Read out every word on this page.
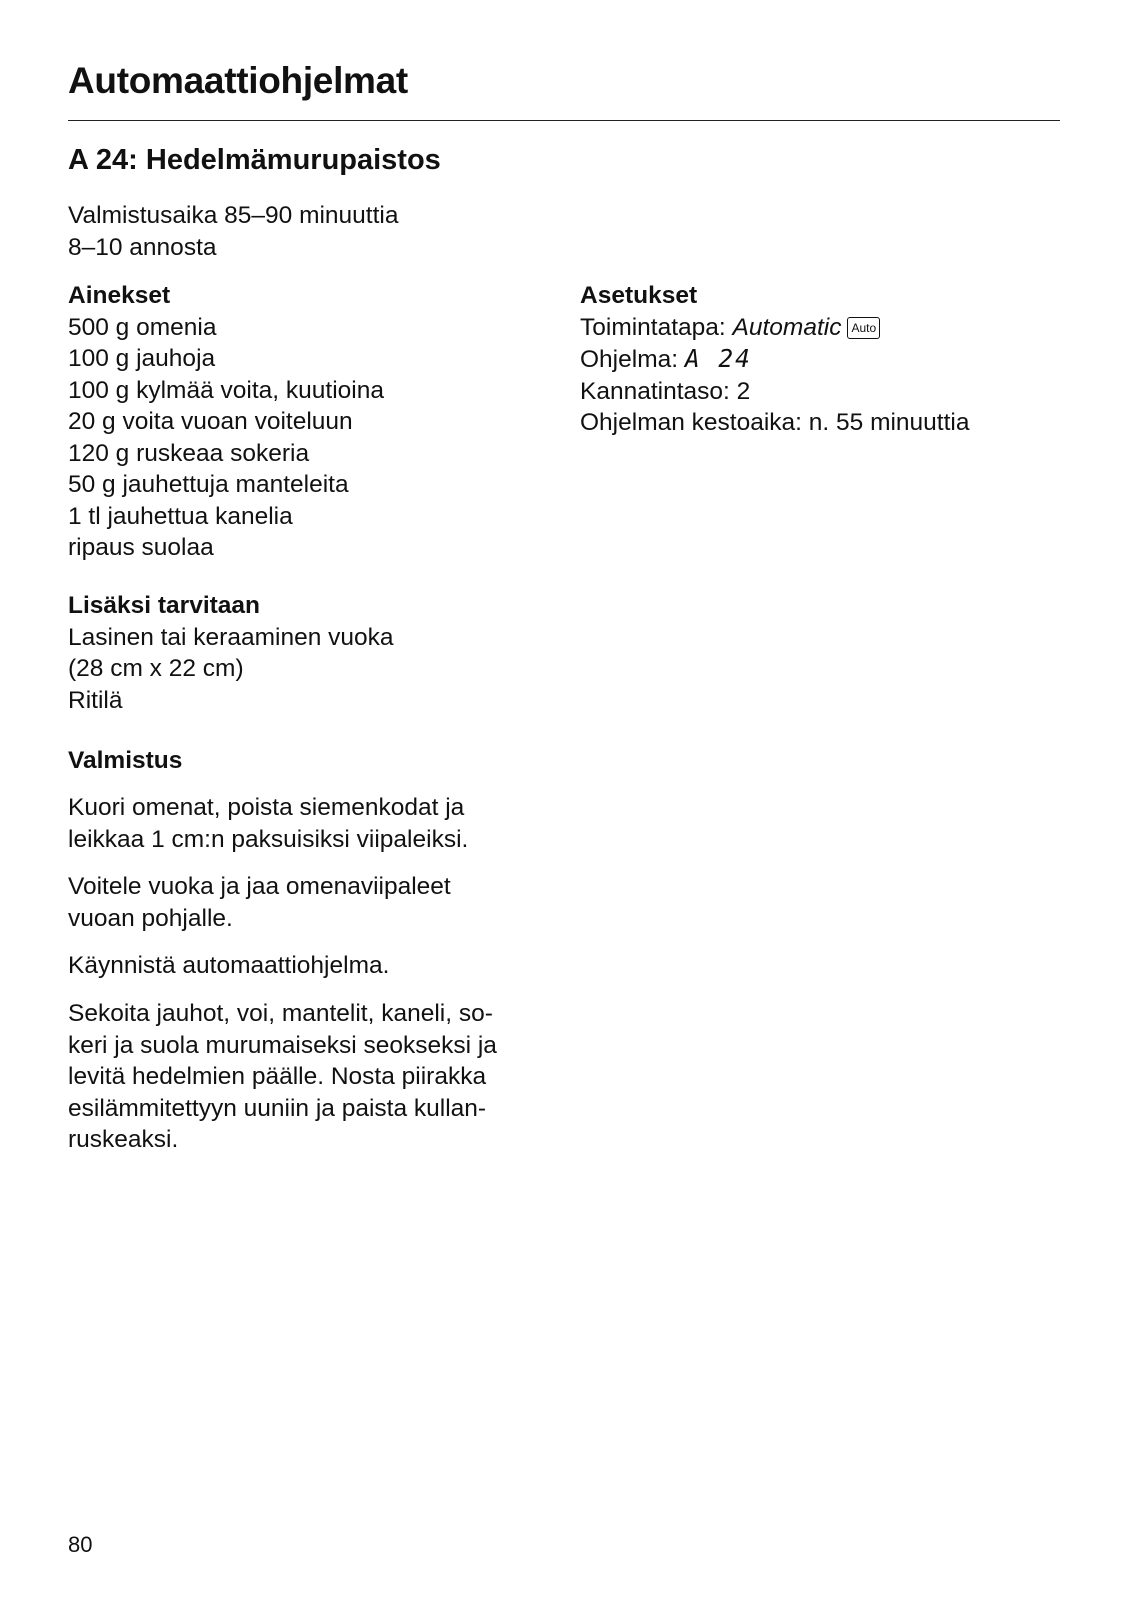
Automaattiohjelmat
A 24: Hedelmämurupaistos
Valmistusaika 85–90 minuuttia
8–10 annosta
Ainekset
500 g omenia
100 g jauhoja
100 g kylmää voita, kuutioina
20 g voita vuoan voiteluun
120 g ruskeaa sokeria
50 g jauhettuja manteleita
1 tl jauhettua kanelia
ripaus suolaa
Lisäksi tarvitaan
Lasinen tai keraaminen vuoka
(28 cm x 22 cm)
Ritilä
Asetukset
Toimintatapa: Automatic Auto
Ohjelma: A 24
Kannatintaso: 2
Ohjelman kestoaika: n. 55 minuuttia
Valmistus

Kuori omenat, poista siemenkodat ja
leikkaa 1 cm:n paksuisiksi viipaleiksi.

Voitele vuoka ja jaa omenaviipaleet
vuoan pohjalle.

Käynnistä automaattiohjelma.

Sekoita jauhot, voi, mantelit, kaneli, so-
keri ja suola murumaiseksi seokseksi ja
levitä hedelmien päälle. Nosta piirakka
esilämmitettyyn uuniin ja paista kullan-
ruskeaksi.

80
